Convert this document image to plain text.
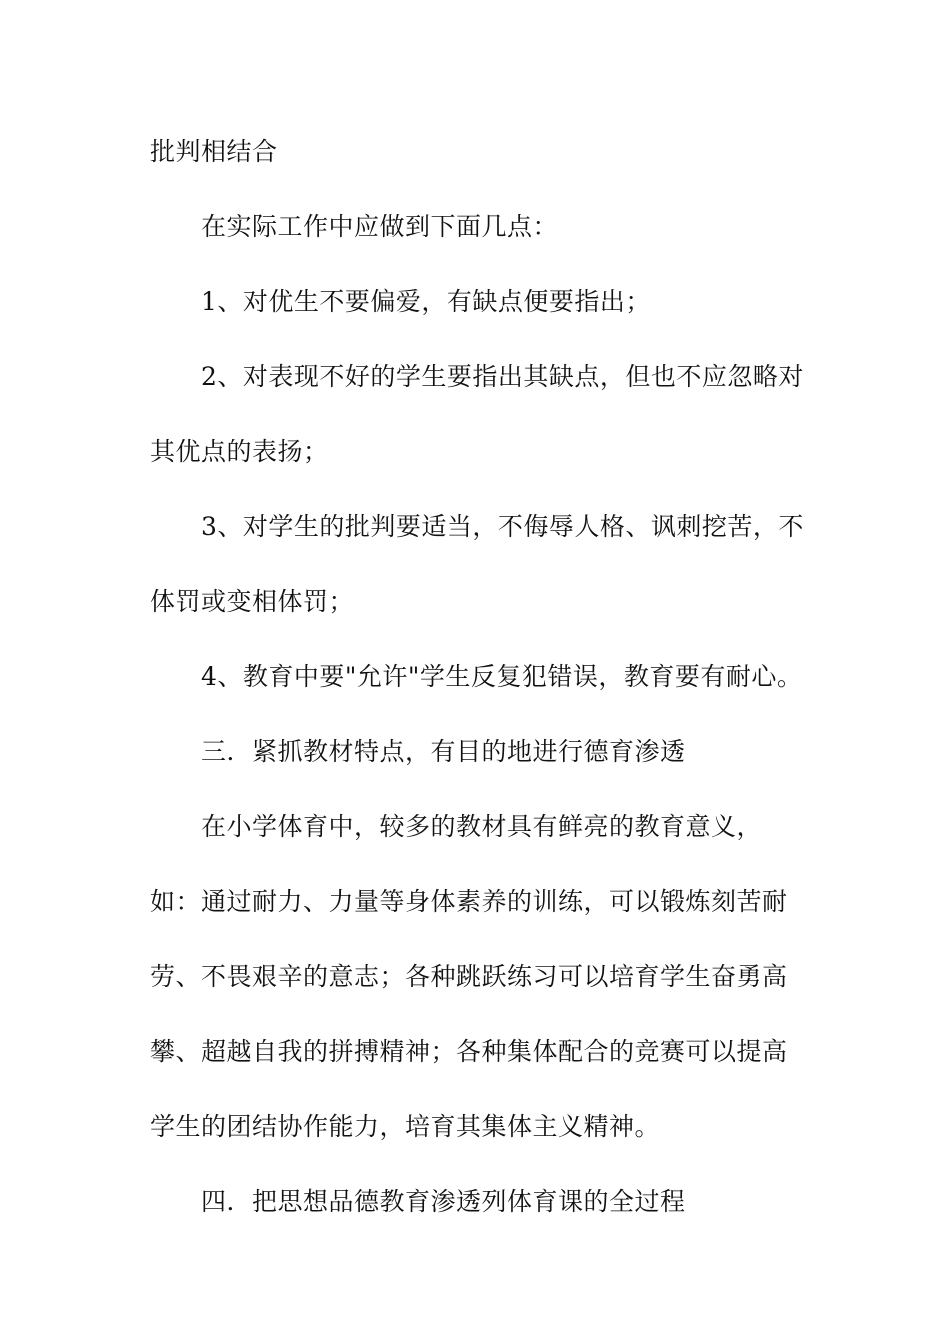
批判相结合
在实际工作中应做到下面几点：
1、对优生不要偏爱，有缺点便要指出；
2、对表现不好的学生要指出其缺点，但也不应忽略对
其优点的表扬；
3、对学生的批判要适当，不侮辱人格、讽刺挖苦，不
体罚或变相体罚；
4、教育中要"允许"学生反复犯错误，教育要有耐心。
三．紧抓教材特点，有目的地进行德育渗透
在小学体育中，较多的教材具有鲜亮的教育意义，
如：通过耐力、力量等身体素养的训练，可以锻炼刻苦耐
劳、不畏艰辛的意志；各种跳跃练习可以培育学生奋勇高
攀、超越自我的拼搏精神；各种集体配合的竞赛可以提高
学生的团结协作能力，培育其集体主义精神。
四．把思想品德教育渗透列体育课的全过程
